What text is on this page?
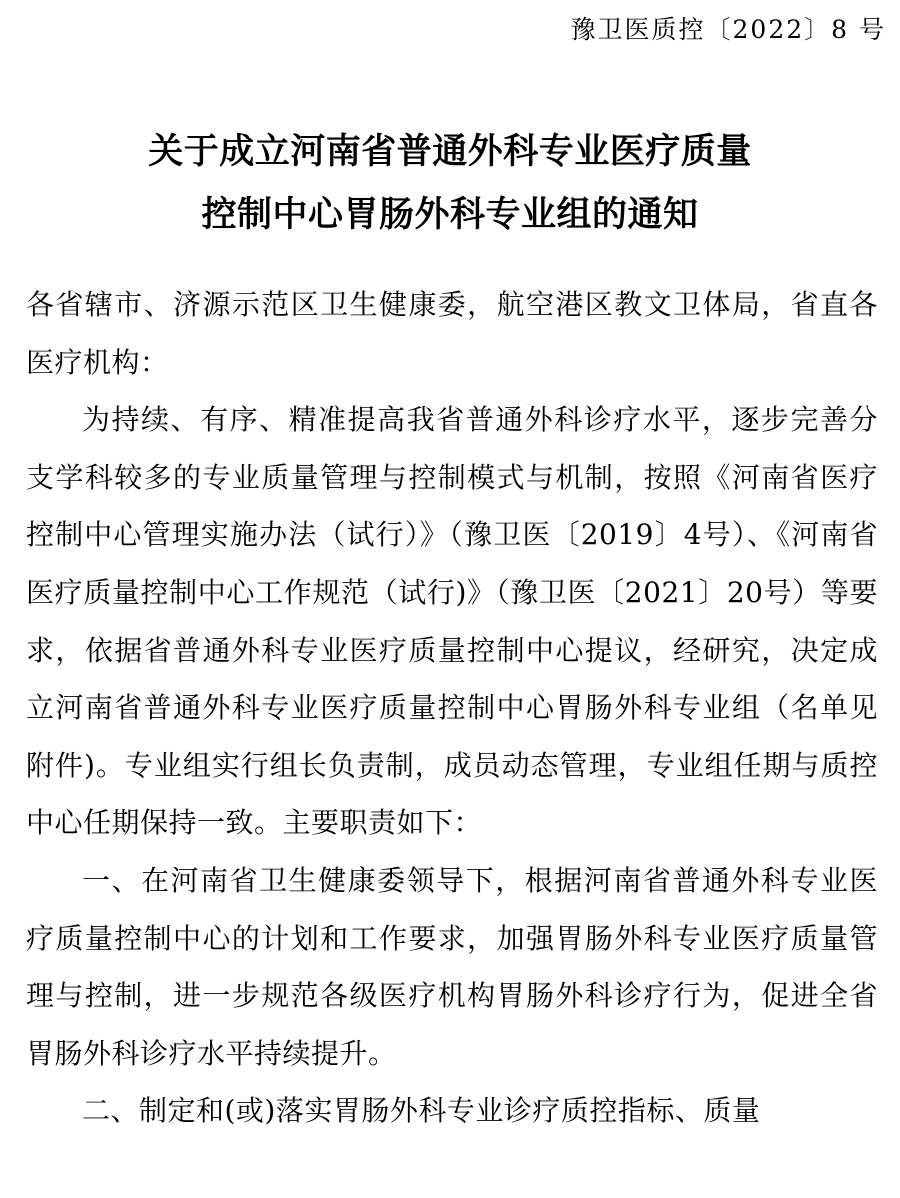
豫卫医质控〔2022〕8 号
关于成立河南省普通外科专业医疗质量
控制中心胃肠外科专业组的通知

各省辖市、济源示范区卫生健康委，航空港区教文卫体局，省直各医疗机构：

为持续、有序、精准提高我省普通外科诊疗水平，逐步完善分支学科较多的专业质量管理与控制模式与机制，按照《河南省医疗控制中心管理实施办法（试行）》（豫卫医〔2019〕4号）、《河南省医疗质量控制中心工作规范（试行)》（豫卫医〔2021〕20号）等要求，依据省普通外科专业医疗质量控制中心提议，经研究，决定成立河南省普通外科专业医疗质量控制中心胃肠外科专业组（名单见附件)。专业组实行组长负责制，成员动态管理，专业组任期与质控中心任期保持一致。主要职责如下：

一、在河南省卫生健康委领导下，根据河南省普通外科专业医疗质量控制中心的计划和工作要求，加强胃肠外科专业医疗质量管理与控制，进一步规范各级医疗机构胃肠外科诊疗行为，促进全省胃肠外科诊疗水平持续提升。

二、制定和(或)落实胃肠外科专业诊疗质控指标、质量
